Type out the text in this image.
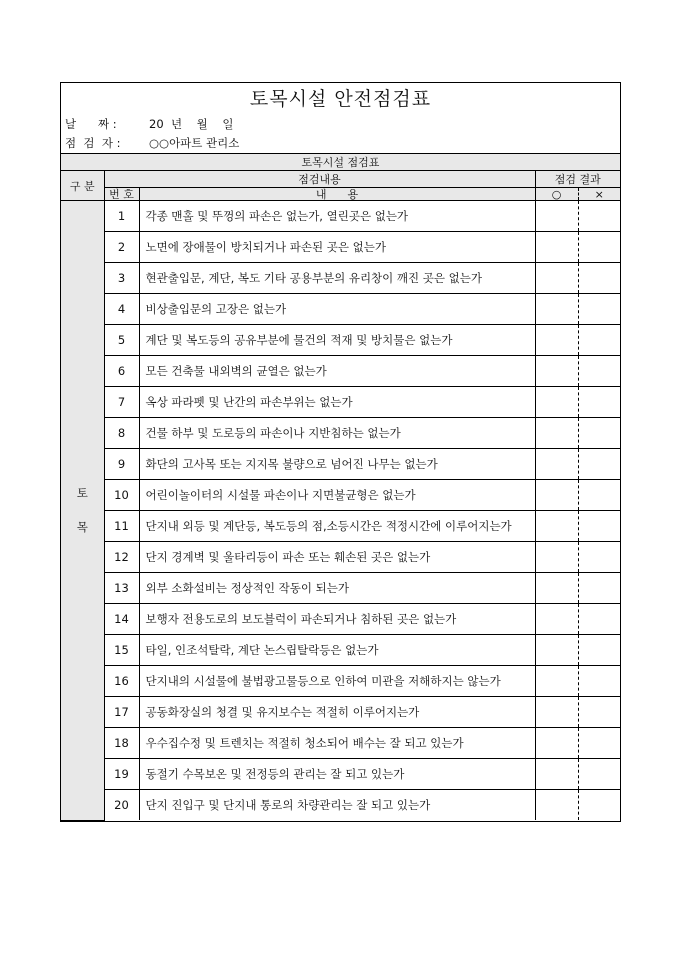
토목시설 안전점검표
날      짜 :	20  년    월    일
점  검  자 : ○○아파트 관리소
토목시설 점검표				
구 분	점검내용		점검 결과	
	번 호	내      용	○	×

토
목	1	각종 맨홀 및 뚜껑의 파손은 없는가, 열린곳은 없는가		
	2	노면에 장애물이 방치되거나 파손된 곳은 없는가		
	3	현관출입문, 계단, 복도 기타 공용부분의 유리창이 깨진 곳은 없는가		
	4	비상출입문의 고장은 없는가		
	5	계단 및 복도등의 공유부분에 물건의 적재 및 방치물은 없는가		
	6	모든 건축물 내외벽의 균열은 없는가		
	7	옥상 파라펫 및 난간의 파손부위는 없는가		
	8	건물 하부 및 도로등의 파손이나 지반침하는 없는가		
	9	화단의 고사목 또는 지지목 불량으로 넘어진 나무는 없는가		
	10	어린이놀이터의 시설물 파손이나 지면불균형은 없는가		
	11	단지내 외등 및 계단등, 복도등의 점,소등시간은 적정시간에 이루어지는가		
	12	단지 경계벽 및 울타리등이 파손 또는 훼손된 곳은 없는가		
	13	외부 소화설비는 정상적인 작동이 되는가		
	14	보행자 전용도로의 보도블럭이 파손되거나 침하된 곳은 없는가		
	15	타일, 인조석탈락, 계단 논스립탈락등은 없는가		
	16	단지내의 시설물에 불법광고물등으로 인하여 미관을 저해하지는 않는가		
	17	공동화장실의 청결 및 유지보수는 적절히 이루어지는가		
	18	우수집수정 및 트렌치는 적절히 청소되어 배수는 잘 되고 있는가		
	19	동절기 수목보온 및 전정등의 관리는 잘 되고 있는가		
	20	단지 진입구 및 단지내 통로의 차량관리는 잘 되고 있는가		
